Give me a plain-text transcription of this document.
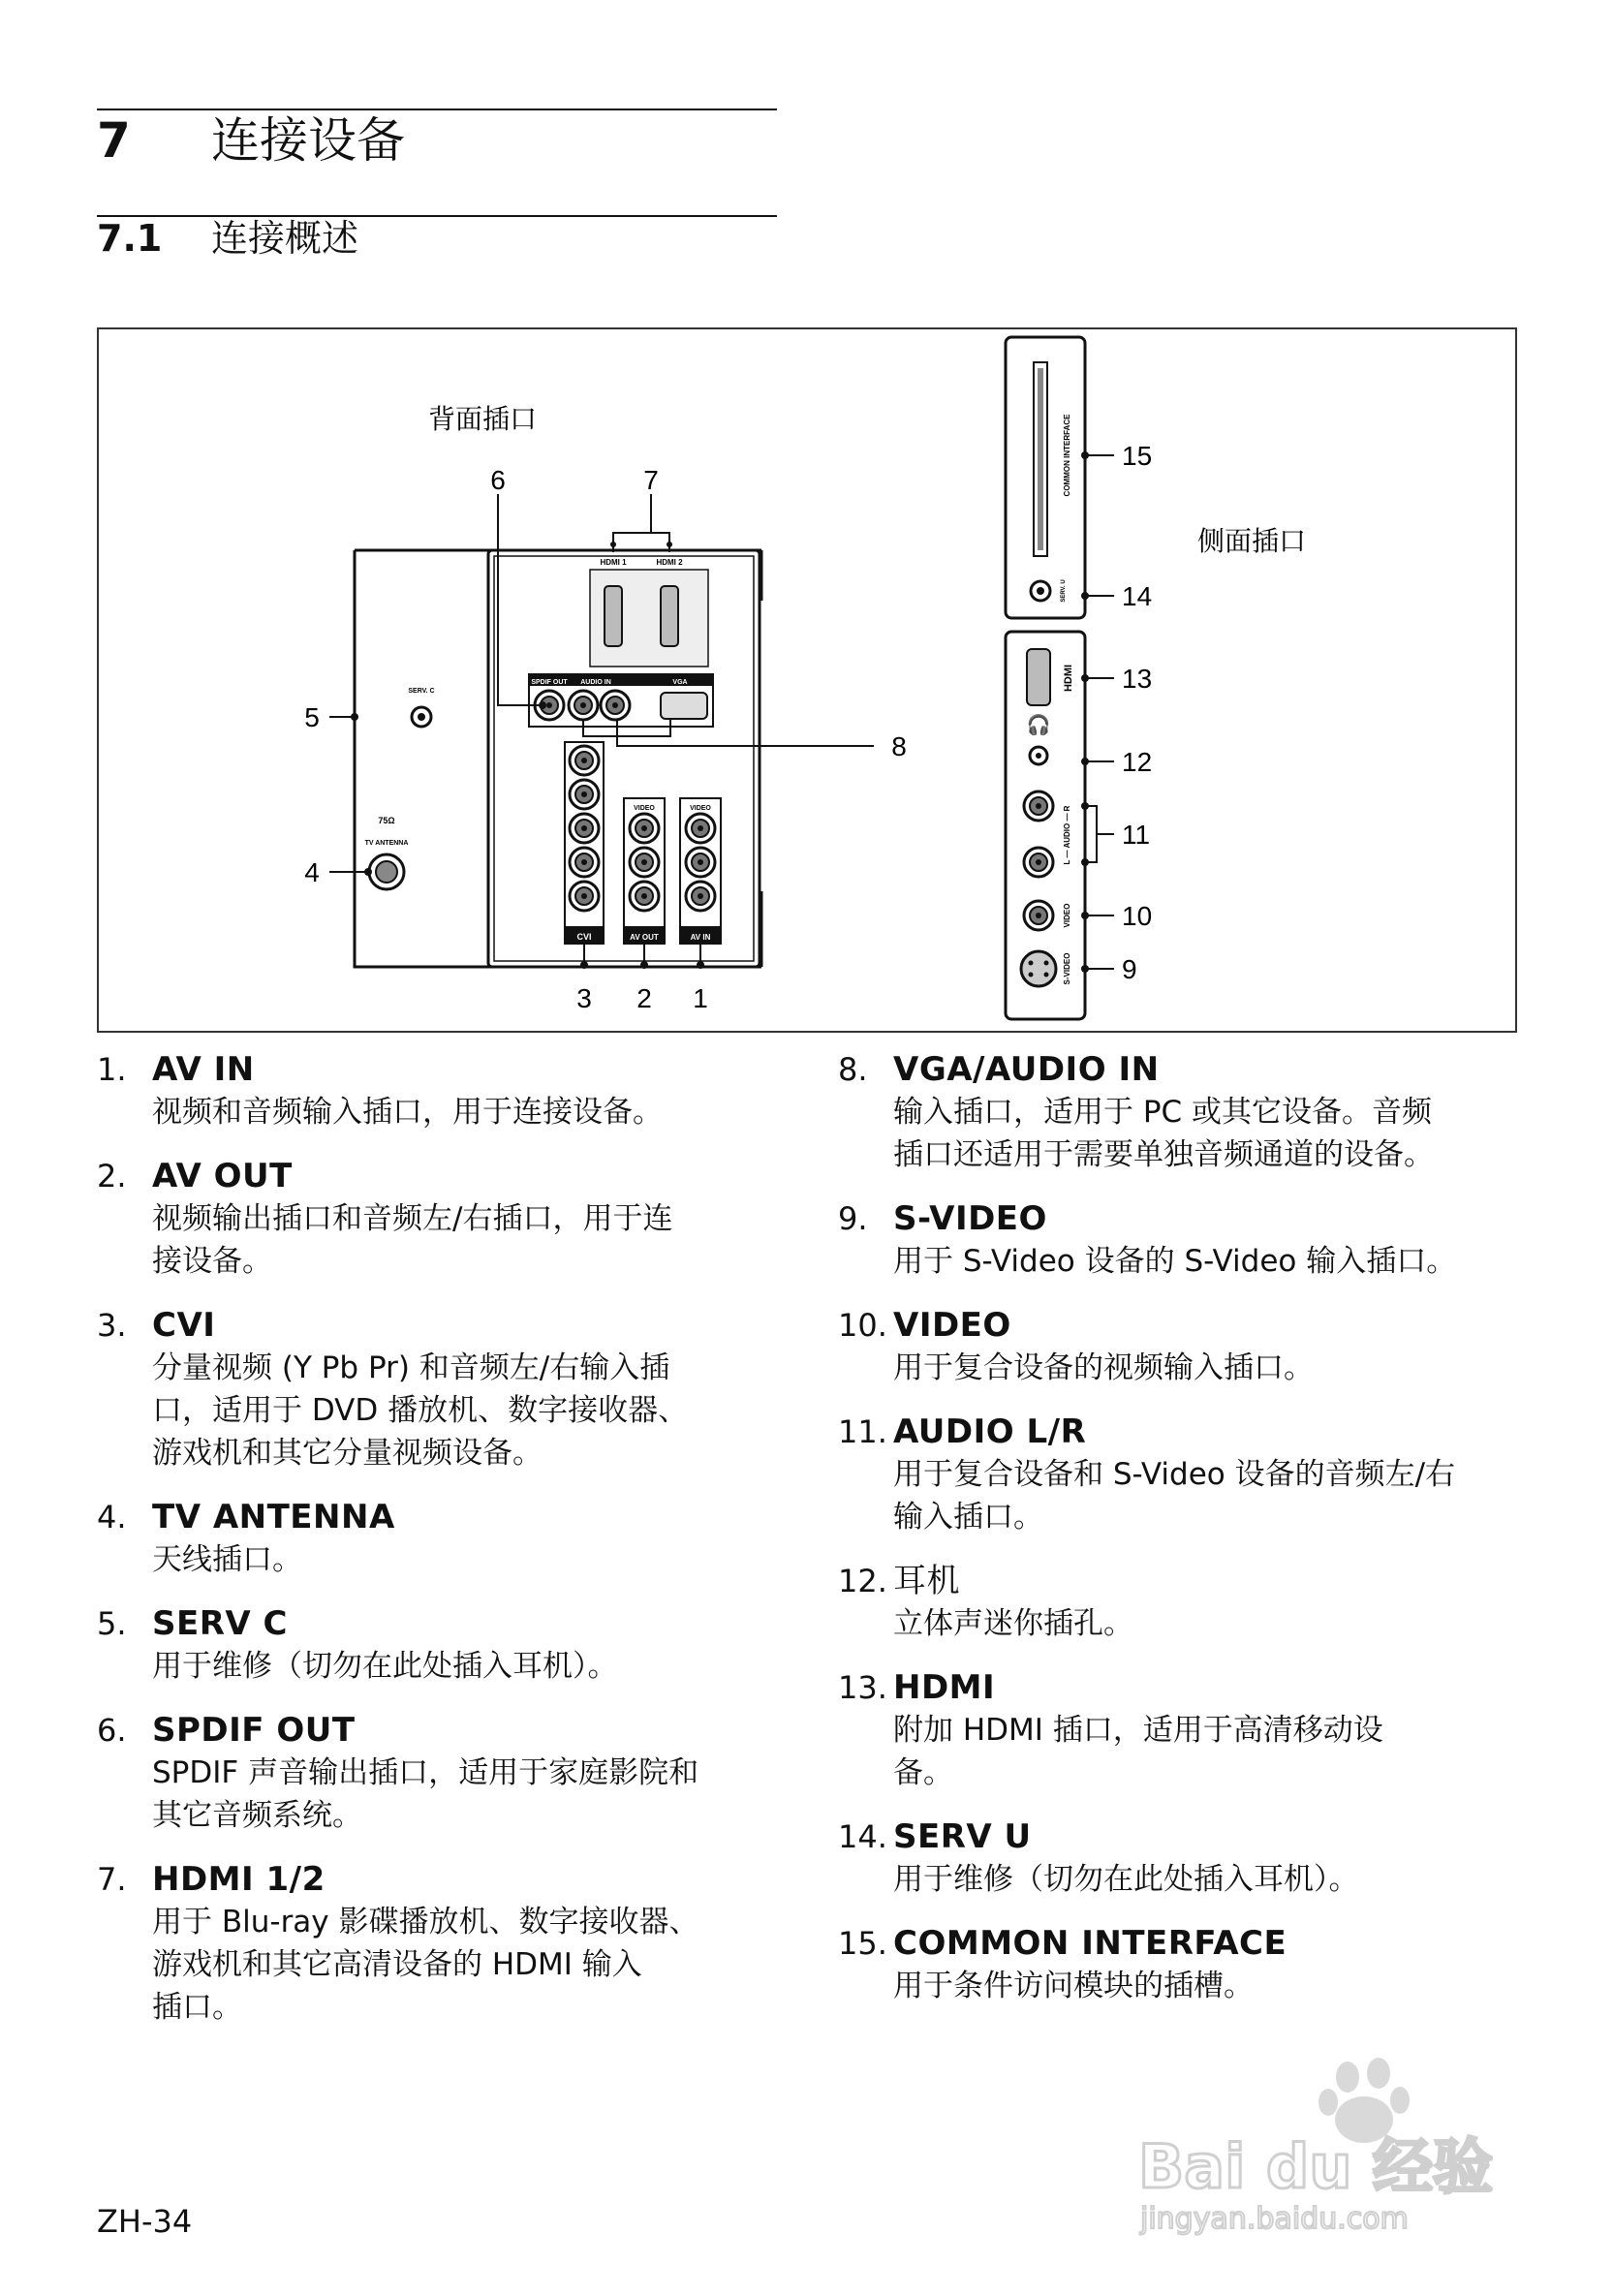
7 连接设备
7.1 连接概述
背面插口
侧面插口
HDMI 1	HDMI 2
SPDIF OUT AUDIO IN	VGA
SERV. C
75Ω
TV ANTENNA
CVI
VIDEO
AV OUT
VIDEO
AV IN
6	7
5
4
8
3 2 1
COMMON INTERFACE
SERV. U
HDMI
🎧
L — AUDIO — R
VIDEO
S-VIDEO
15
14
13
12
11
10
9
1. AV IN
视频和音频输入插口，用于连接设备。
2. AV OUT
视频输出插口和音频左/右插口，用于连
接设备。
3. CVI
分量视频 (Y Pb Pr) 和音频左/右输入插
口，适用于 DVD 播放机、数字接收器、
游戏机和其它分量视频设备。
4. TV ANTENNA
天线插口。
5. SERV C
用于维修（切勿在此处插入耳机）。
6. SPDIF OUT
SPDIF 声音输出插口，适用于家庭影院和
其它音频系统。
7. HDMI 1/2
用于 Blu-ray 影碟播放机、数字接收器、
游戏机和其它高清设备的 HDMI 输入
插口。
8. VGA/AUDIO IN
输入插口，适用于 PC 或其它设备。音频
插口还适用于需要单独音频通道的设备。
9. S-VIDEO
用于 S-Video 设备的 S-Video 输入插口。
10. VIDEO
用于复合设备的视频输入插口。
11. AUDIO L/R
用于复合设备和 S-Video 设备的音频左/右
输入插口。
12. 耳机
立体声迷你插孔。
13. HDMI
附加 HDMI 插口，适用于高清移动设
备。
14. SERV U
用于维修（切勿在此处插入耳机）。
15. COMMON INTERFACE
用于条件访问模块的插槽。
ZH-34
Bai du 经验
jingyan.baidu.com
